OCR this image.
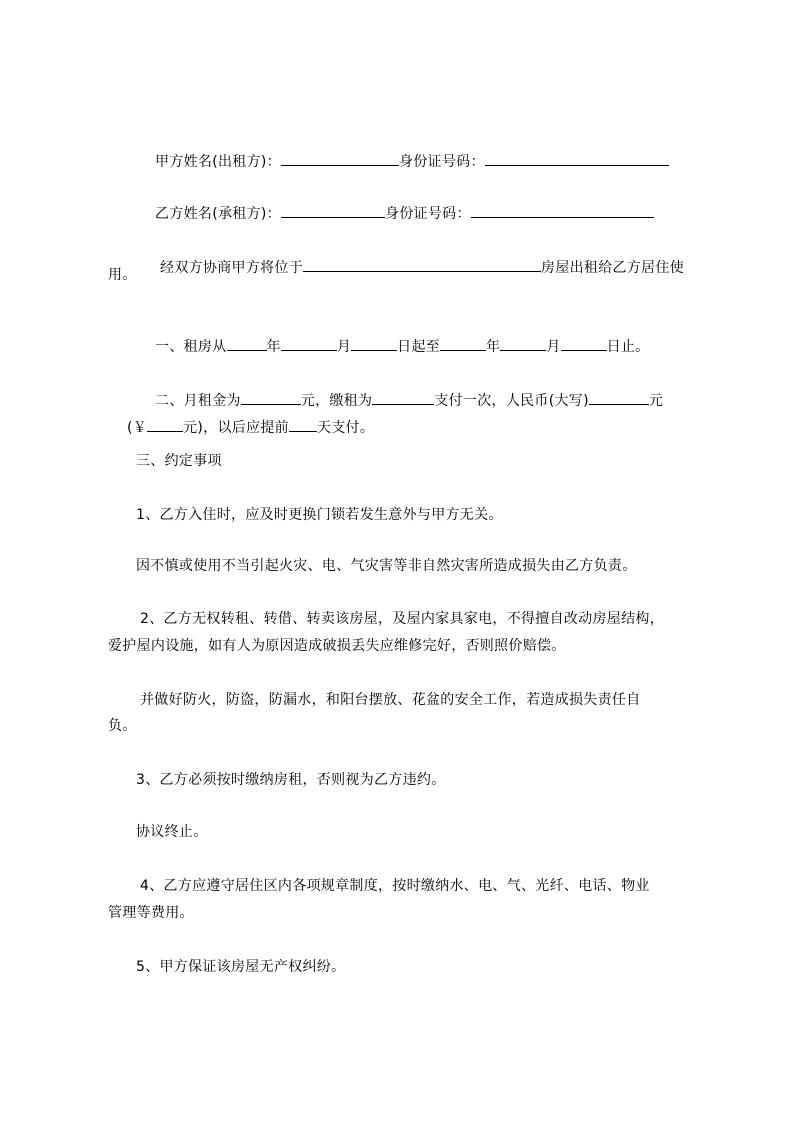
甲方姓名(出租方)：	身份证号码：

乙方姓名(承租方)：	身份证号码：

经双方协商甲方将位于	房屋出租给乙方居住使

用。

一、租房从	年	月	日起至	年	月	日止。

二、月租金为	元，缴租为	支付一次，人民币(大写)	元

(￥	元)，以后应提前 天支付。

三、约定事项
1、乙方入住时，应及时更换门锁若发生意外与甲方无关。
因不慎或使用不当引起火灾、电、气灾害等非自然灾害所造成损失由乙方负责。
2、乙方无权转租、转借、转卖该房屋，及屋内家具家电，不得擅自改动房屋结构，
爱护屋内设施，如有人为原因造成破损丢失应维修完好，否则照价赔偿。
并做好防火，防盗，防漏水，和阳台摆放、花盆的安全工作，若造成损失责任自
负。
3、乙方必须按时缴纳房租，否则视为乙方违约。
协议终止。
4、乙方应遵守居住区内各项规章制度，按时缴纳水、电、气、光纤、电话、物业
管理等费用。
5、甲方保证该房屋无产权纠纷。
